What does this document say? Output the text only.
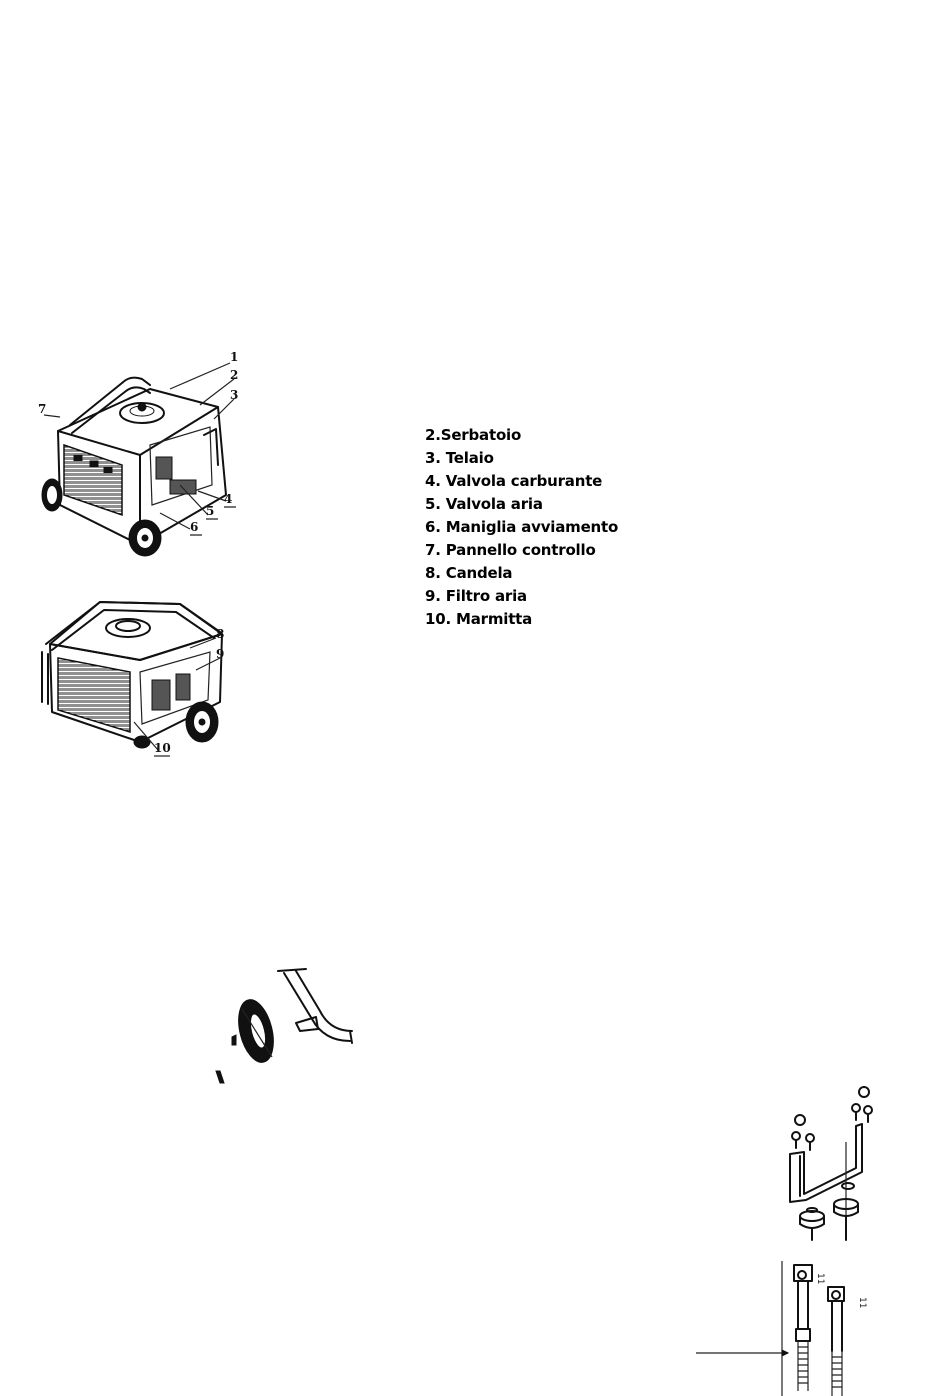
2.Serbatoio
3. Telaio
4. Valvola carburante
5. Valvola aria
6. Maniglia avviamento
7. Pannello controllo
8. Candela
9. Filtro aria
10. Marmitta
1
2
3
7
4
5
6
8
9
10
11
11
